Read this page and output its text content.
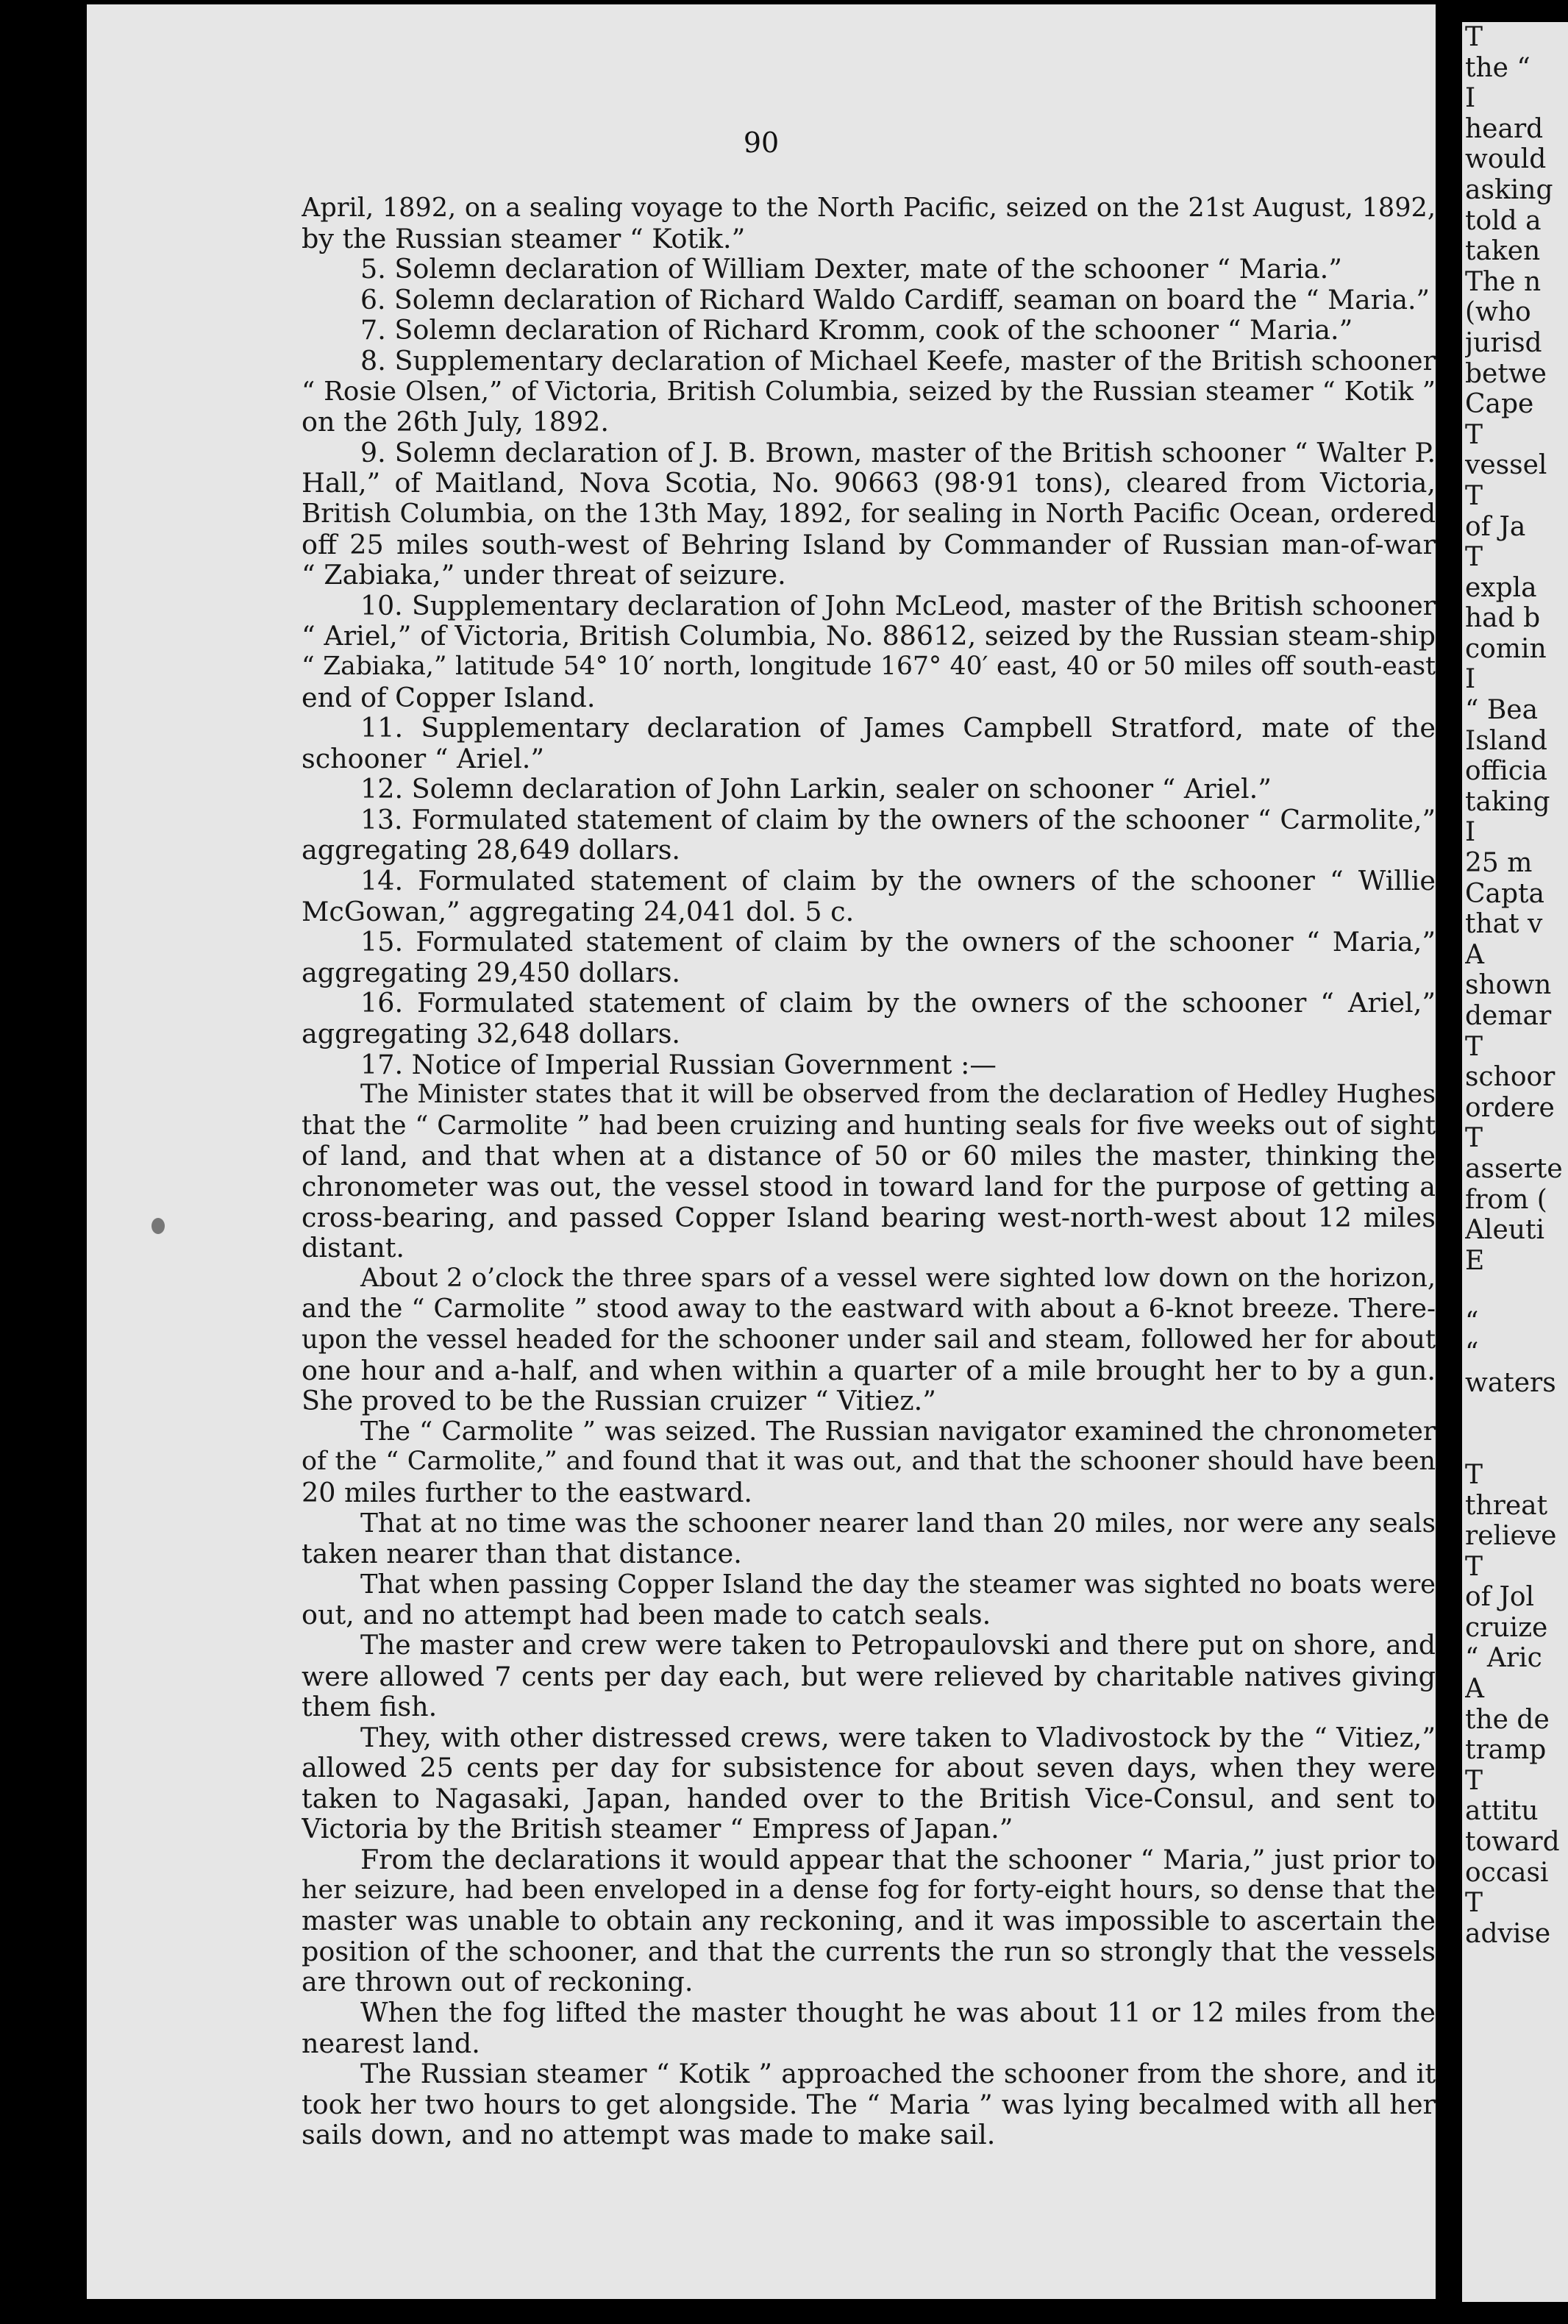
90
April, 1892, on a sealing voyage to the North Pacific, seized on the 21st August, 1892,
by the Russian steamer “ Kotik.”
5. Solemn declaration of William Dexter, mate of the schooner “ Maria.”
6. Solemn declaration of Richard Waldo Cardiff, seaman on board the “ Maria.”
7. Solemn declaration of Richard Kromm, cook of the schooner “ Maria.”
8. Supplementary declaration of Michael Keefe, master of the British schooner
“ Rosie Olsen,” of Victoria, British Columbia, seized by the Russian steamer “ Kotik ”
on the 26th July, 1892.
9. Solemn declaration of J. B. Brown, master of the British schooner “ Walter P.
Hall,” of Maitland, Nova Scotia, No. 90663 (98·91 tons), cleared from Victoria,
British Columbia, on the 13th May, 1892, for sealing in North Pacific Ocean, ordered
off 25 miles south-west of Behring Island by Commander of Russian man-of-war
“ Zabiaka,” under threat of seizure.
10. Supplementary declaration of John McLeod, master of the British schooner
“ Ariel,” of Victoria, British Columbia, No. 88612, seized by the Russian steam-ship
“ Zabiaka,” latitude 54° 10′ north, longitude 167° 40′ east, 40 or 50 miles off south-east
end of Copper Island.
11. Supplementary declaration of James Campbell Stratford, mate of the
schooner “ Ariel.”
12. Solemn declaration of John Larkin, sealer on schooner “ Ariel.”
13. Formulated statement of claim by the owners of the schooner “ Carmolite,”
aggregating 28,649 dollars.
14. Formulated statement of claim by the owners of the schooner “ Willie
McGowan,” aggregating 24,041 dol. 5 c.
15. Formulated statement of claim by the owners of the schooner “ Maria,”
aggregating 29,450 dollars.
16. Formulated statement of claim by the owners of the schooner “ Ariel,”
aggregating 32,648 dollars.
17. Notice of Imperial Russian Government :—
The Minister states that it will be observed from the declaration of Hedley Hughes
that the “ Carmolite ” had been cruizing and hunting seals for five weeks out of sight
of land, and that when at a distance of 50 or 60 miles the master, thinking the
chronometer was out, the vessel stood in toward land for the purpose of getting a
cross-bearing, and passed Copper Island bearing west-north-west about 12 miles
distant.
About 2 o’clock the three spars of a vessel were sighted low down on the horizon,
and the “ Carmolite ” stood away to the eastward with about a 6-knot breeze. There-
upon the vessel headed for the schooner under sail and steam, followed her for about
one hour and a-half, and when within a quarter of a mile brought her to by a gun.
She proved to be the Russian cruizer “ Vitiez.”
The “ Carmolite ” was seized. The Russian navigator examined the chronometer
of the “ Carmolite,” and found that it was out, and that the schooner should have been
20 miles further to the eastward.
That at no time was the schooner nearer land than 20 miles, nor were any seals
taken nearer than that distance.
That when passing Copper Island the day the steamer was sighted no boats were
out, and no attempt had been made to catch seals.
The master and crew were taken to Petropaulovski and there put on shore, and
were allowed 7 cents per day each, but were relieved by charitable natives giving
them fish.
They, with other distressed crews, were taken to Vladivostock by the “ Vitiez,”
allowed 25 cents per day for subsistence for about seven days, when they were
taken to Nagasaki, Japan, handed over to the British Vice-Consul, and sent to
Victoria by the British steamer “ Empress of Japan.”
From the declarations it would appear that the schooner “ Maria,” just prior to
her seizure, had been enveloped in a dense fog for forty-eight hours, so dense that the
master was unable to obtain any reckoning, and it was impossible to ascertain the
position of the schooner, and that the currents the run so strongly that the vessels
are thrown out of reckoning.
When the fog lifted the master thought he was about 11 or 12 miles from the
nearest land.
The Russian steamer “ Kotik ” approached the schooner from the shore, and it
took her two hours to get alongside. The “ Maria ” was lying becalmed with all her
sails down, and no attempt was made to make sail.
T
the “
I
heard
would
asking
told a
taken
The n
(who
jurisd
betwe
Cape
T
vessel
T
of Ja
T
expla
had b
comin
I
“ Bea
Island
officia
taking
I
25 m
Capta
that v
A
shown
demar
T
schoor
ordere
T
asserte
from (
Aleuti
E
“
“
waters
T
threat
relieve
T
of Jol
cruize
“ Aric
A
the de
tramp
T
attitu
toward
occasi
T
advise
